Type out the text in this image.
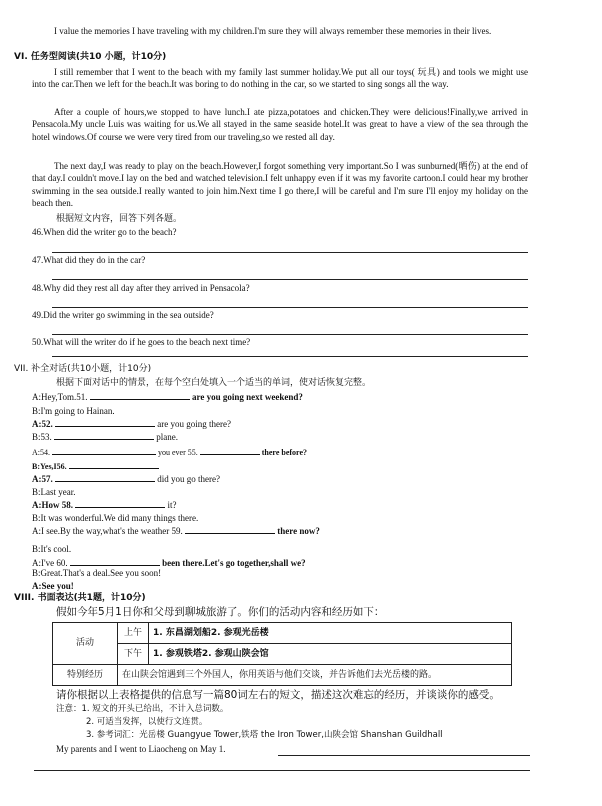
I value the memories I have traveling with my children.I'm sure they will always remember these memories in their lives.
VI. 任务型阅读(共10 小题，计10分)
I still remember that I went to the beach with my family last summer holiday.We put all our toys( 玩具) and tools we might use into the car.Then we left for the beach.It was boring to do nothing in the car, so we started to sing songs all the way.
After a couple of hours,we stopped to have lunch.I ate pizza,potatoes and chicken.They were delicious!Finally,we arrived in Pensacola.My uncle Luis was waiting for us.We all stayed in the same seaside hotel.It was great to have a view of the sea through the hotel windows.Of course we were very tired from our traveling,so we rested all day.
The next day,I was ready to play on the beach.However,I forgot something very important.So I was sunburned(晒伤) at the end of that day.I couldn't move.I lay on the bed and watched television.I felt unhappy even if it was my favorite cartoon.I could hear my brother swimming in the sea outside.I really wanted to join him.Next time I go there,I will be careful and I'm sure I'll enjoy my holiday on the beach then.
根据短文内容，回答下列各题。
46.When did the writer go to the beach?
47.What did they do in the car?
48.Why did they rest all day after they arrived in Pensacola?
49.Did the writer go swimming in the sea outside?
50.What will the writer do if he goes to the beach next time?
VII. 补全对话(共10小题，计10分)
根据下面对话中的情景，在每个空白处填入一个适当的单词，使对话恢复完整。
A:Hey,Tom.51.	are you going next weekend?
B:I'm going to Hainan.
A:52.	are you going there?
B:53.	plane.
A:54.	you ever 55.	there before?
B:Yes,I56.
A:57.	did you go there?
B:Last year.
A:How 58.	it?
B:It was wonderful.We did many things there.
A:I see.By the way,what's the weather 59.	there now?
B:It's cool.
A:I've 60.	been there.Let's go together,shall we?
B:Great.That's a deal.See you soon!
A:See you!
VIII. 书面表达(共1题，计10分)
假如今年5月1日你和父母到聊城旅游了。你们的活动内容和经历如下：
活动	上午	1. 东昌湖划船2. 参观光岳楼
	下午	1. 参观铁塔2. 参观山陕会馆
特别经历	在山陕会馆遇到三个外国人，你用英语与他们交谈，并告诉他们去光岳楼的路。	
请你根据以上表格提供的信息写一篇80词左右的短文，描述这次难忘的经历，并谈谈你的感受。
注意：1. 短文的开头已给出，不计入总词数。
2. 可适当发挥，以使行文连贯。
3. 参考词汇：光岳楼 Guangyue Tower,铁塔 the Iron Tower,山陕会馆 Shanshan Guildhall
My parents and I went to Liaocheng on May 1.
